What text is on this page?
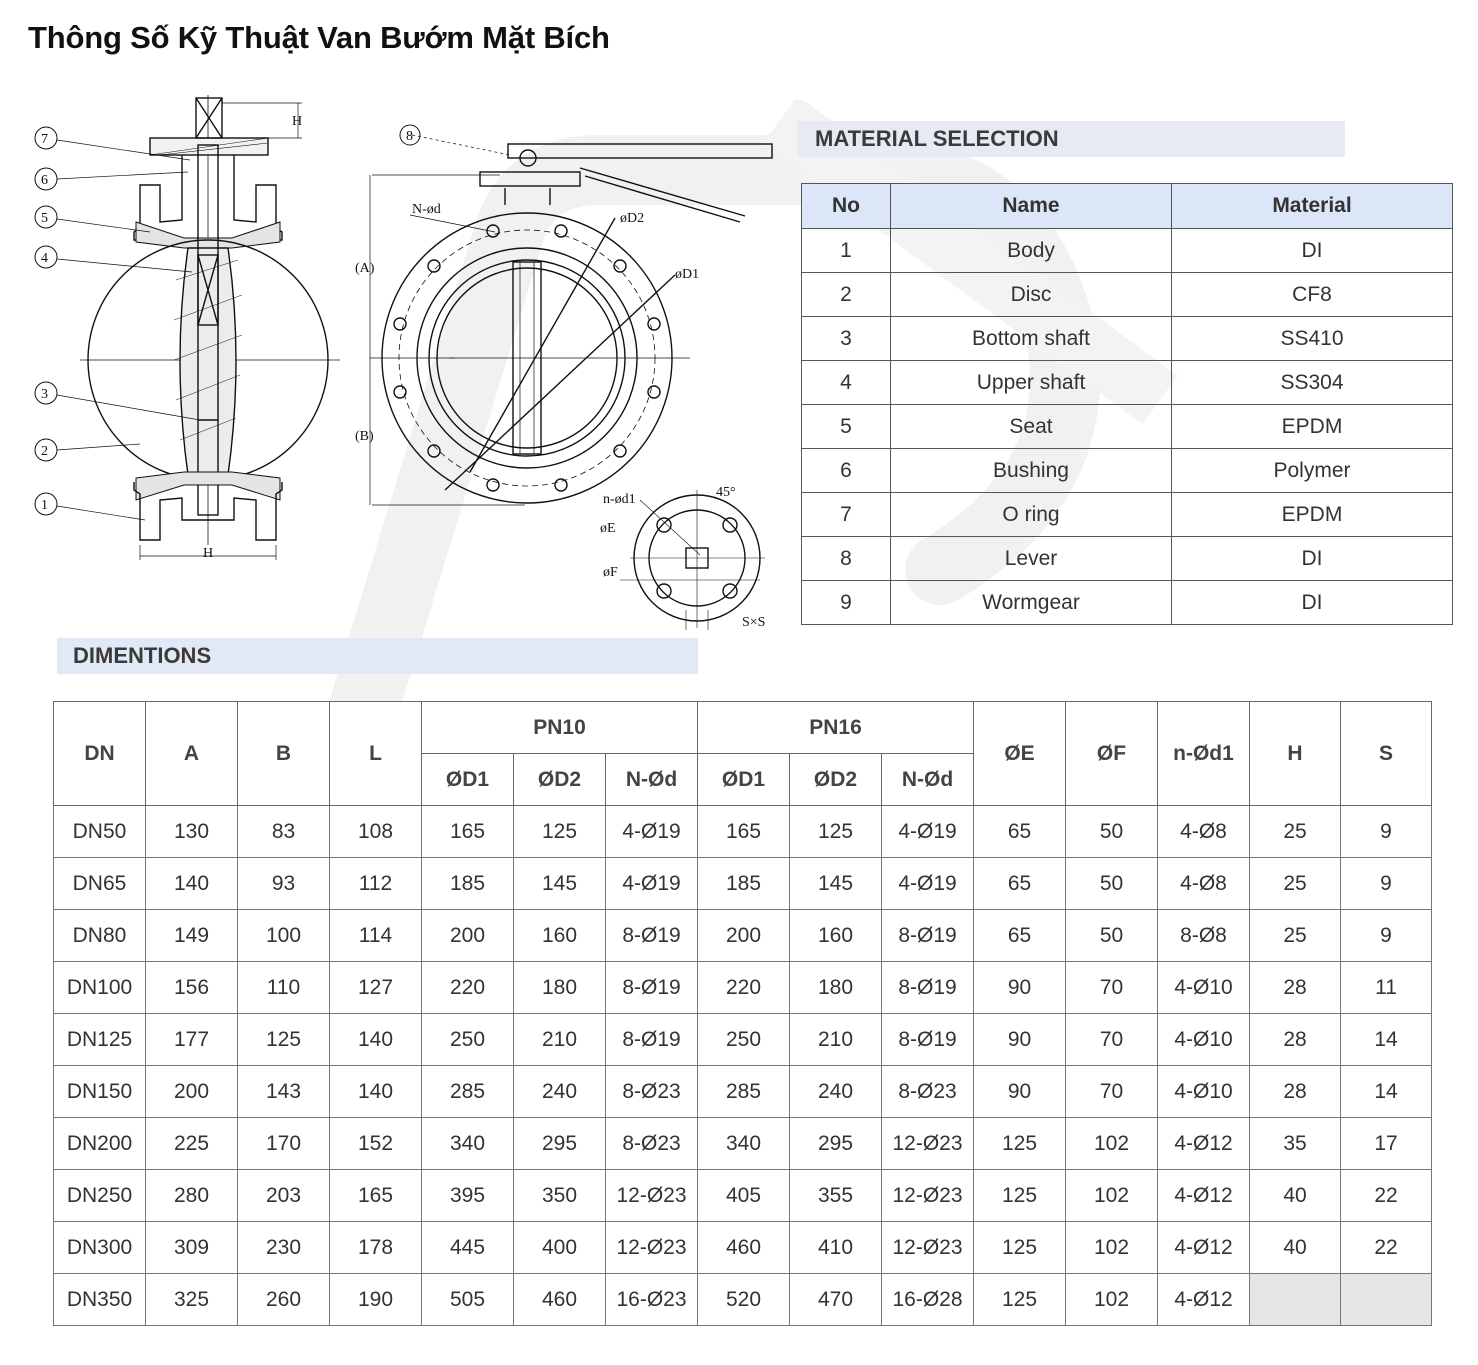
Thông Số Kỹ Thuật Van Bướm Mặt Bích
7
6
5
4
3
2
1
8
H
H
(A)
(B)
N-ød
øD2
øD1
n-ød1	45°
øE
øF
S×S
MATERIAL SELECTION
No	Name	Material
1	Body	DI
2	Disc	CF8
3	Bottom shaft	SS410
4	Upper shaft	SS304
5	Seat	EPDM
6	Bushing	Polymer
7	O ring	EPDM
8	Lever	DI
9	Wormgear	DI
DIMENTIONS
DN	A	B	L	PN10			PN16			ØE	ØF	n-Ød1	H	S
				ØD1	ØD2	N-Ød	ØD1	ØD2	N-Ød					
DN50	130	83	108	165	125	4-Ø19	165	125	4-Ø19	65	50	4-Ø8	25	9
DN65	140	93	112	185	145	4-Ø19	185	145	4-Ø19	65	50	4-Ø8	25	9
DN80	149	100	114	200	160	8-Ø19	200	160	8-Ø19	65	50	8-Ø8	25	9
DN100	156	110	127	220	180	8-Ø19	220	180	8-Ø19	90	70	4-Ø10	28	11
DN125	177	125	140	250	210	8-Ø19	250	210	8-Ø19	90	70	4-Ø10	28	14
DN150	200	143	140	285	240	8-Ø23	285	240	8-Ø23	90	70	4-Ø10	28	14
DN200	225	170	152	340	295	8-Ø23	340	295	12-Ø23	125	102	4-Ø12	35	17
DN250	280	203	165	395	350	12-Ø23	405	355	12-Ø23	125	102	4-Ø12	40	22
DN300	309	230	178	445	400	12-Ø23	460	410	12-Ø23	125	102	4-Ø12	40	22
DN350	325	260	190	505	460	16-Ø23	520	470	16-Ø28	125	102	4-Ø12		
